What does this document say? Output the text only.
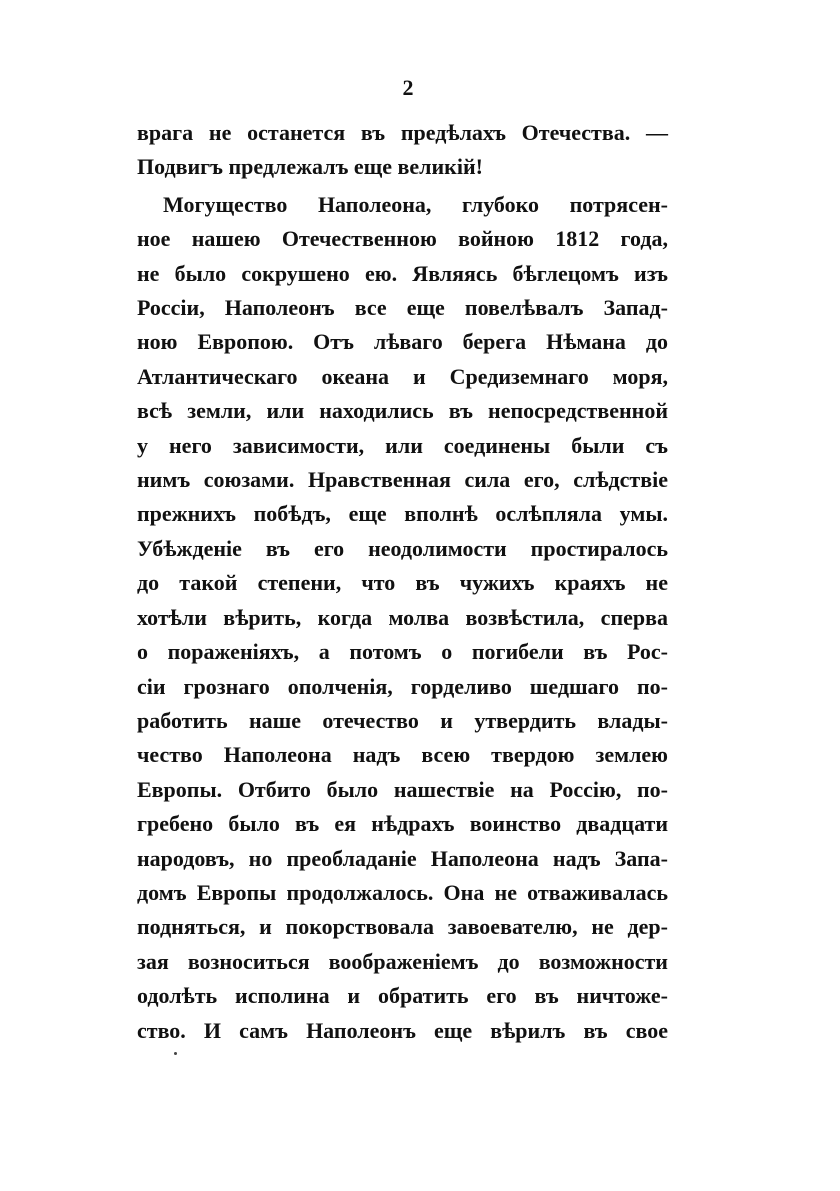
2
врага не останется въ предѣлахъ Отечества. —
Подвигъ предлежалъ еще великій!
Могущество Наполеона, глубоко потрясен-
ное нашею Отечественною войною 1812 года,
не было сокрушено ею. Являясь бѣглецомъ изъ
Россіи, Наполеонъ все еще повелѣвалъ Запад-
ною Европою. Отъ лѣваго берега Нѣмана до
Атлантическаго океана и Средиземнаго моря,
всѣ земли, или находились въ непосредственной
у него зависимости, или соединены были съ
нимъ союзами. Нравственная сила его, слѣдствіе
прежнихъ побѣдъ, еще вполнѣ ослѣпляла умы.
Убѣжденіе въ его неодолимости простиралось
до такой степени, что въ чужихъ краяхъ не
хотѣли вѣрить, когда молва возвѣстила, сперва
о пораженіяхъ, а потомъ о погибели въ Рос-
сіи грознаго ополченія, горделиво шедшаго по-
работить наше отечество и утвердить влады-
чество Наполеона надъ всею твердою землею
Европы. Отбито было нашествіе на Россію, по-
гребено было въ ея нѣдрахъ воинство двадцати
народовъ, но преобладаніе Наполеона надъ Запа-
домъ Европы продолжалось. Она не отваживалась
подняться, и покорствовала завоевателю, не дер-
зая возноситься воображеніемъ до возможности
одолѣть исполина и обратить его въ ничтоже-
ство. И самъ Наполеонъ еще вѣрилъ въ свое
